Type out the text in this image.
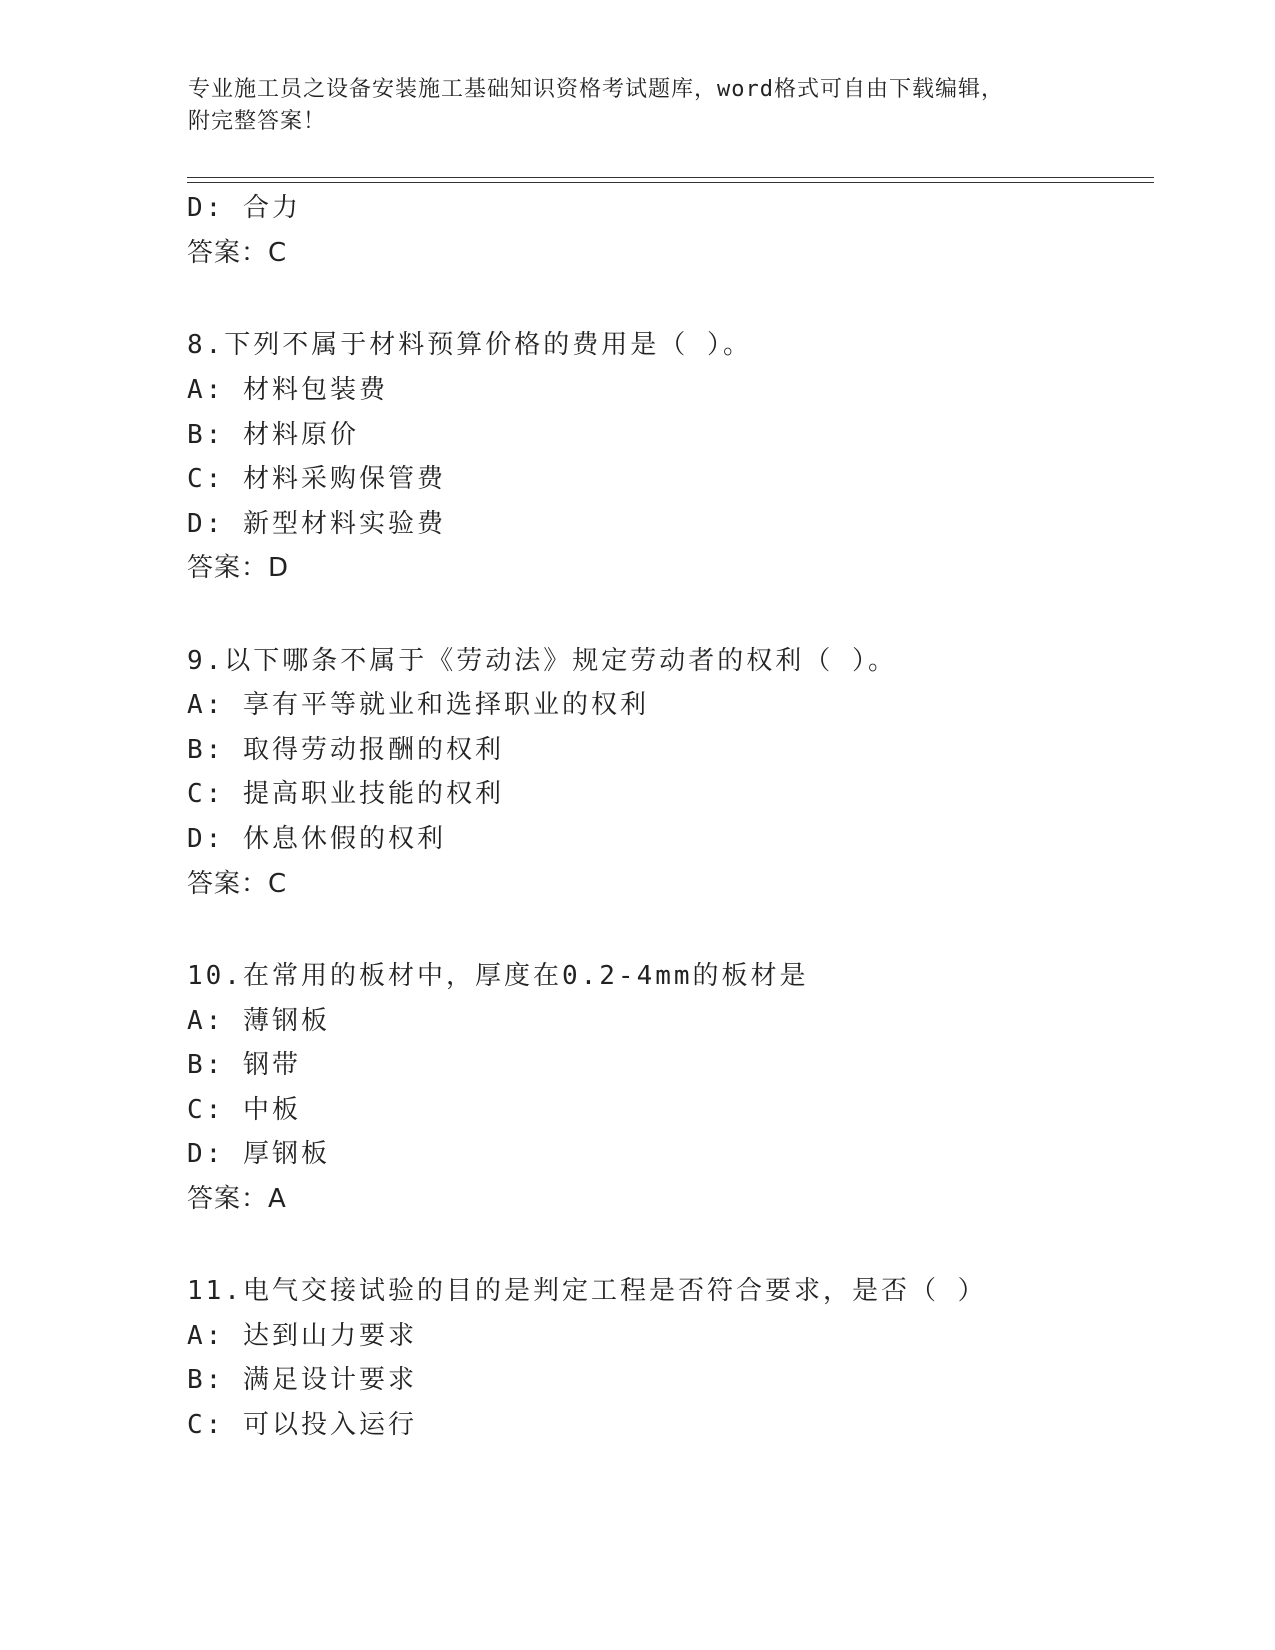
专业施工员之设备安装施工基础知识资格考试题库，word格式可自由下载编辑，
附完整答案！
D: 合力
答案：C
8.下列不属于材料预算价格的费用是（ ）。
A: 材料包装费
B: 材料原价
C: 材料采购保管费
D: 新型材料实验费
答案：D
9.以下哪条不属于《劳动法》规定劳动者的权利（ ）。
A: 享有平等就业和选择职业的权利
B: 取得劳动报酬的权利
C: 提高职业技能的权利
D: 休息休假的权利
答案：C
10.在常用的板材中，厚度在0.2-4mm的板材是
A: 薄钢板
B: 钢带
C: 中板
D: 厚钢板
答案：A
11.电气交接试验的目的是判定工程是否符合要求，是否（ ）
A: 达到山力要求
B: 满足设计要求
C: 可以投入运行
